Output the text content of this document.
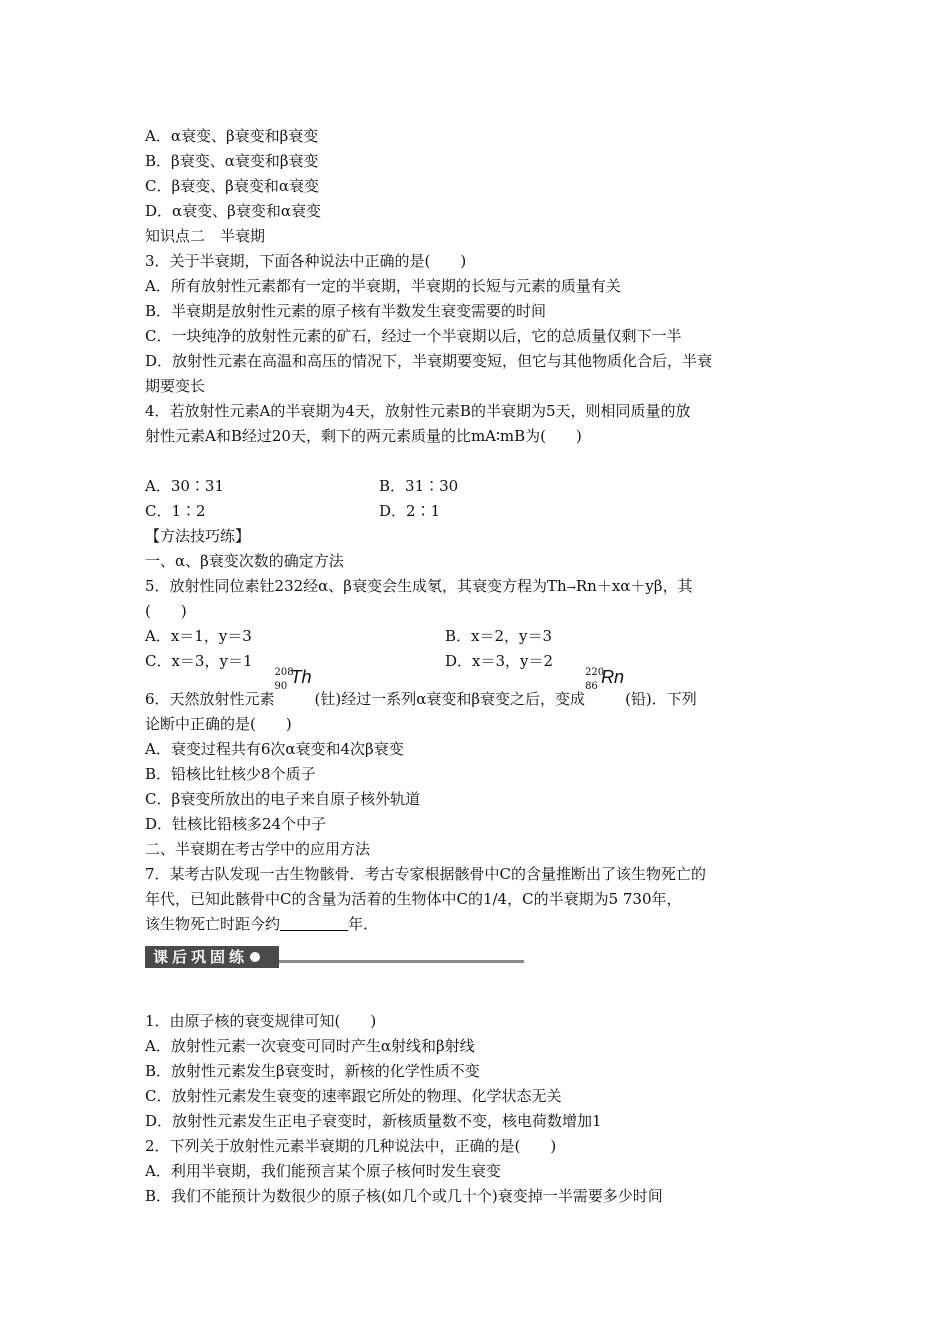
A．α衰变、β衰变和β衰变
B．β衰变、α衰变和β衰变
C．β衰变、β衰变和α衰变
D．α衰变、β衰变和α衰变
知识点二　半衰期
3．关于半衰期，下面各种说法中正确的是(　　)
A．所有放射性元素都有一定的半衰期，半衰期的长短与元素的质量有关
B．半衰期是放射性元素的原子核有半数发生衰变需要的时间
C．一块纯净的放射性元素的矿石，经过一个半衰期以后，它的总质量仅剩下一半
D．放射性元素在高温和高压的情况下，半衰期要变短，但它与其他物质化合后，半衰
期要变长
4．若放射性元素A的半衰期为4天，放射性元素B的半衰期为5天，则相同质量的放
射性元素A和B经过20天，剩下的两元素质量的比mA∶mB为(　　)
A．30∶31	B．31∶30
C．1∶2	D．2∶1
【方法技巧练】
一、α、β衰变次数的确定方法
5．放射性同位素钍232经α、β衰变会生成氡，其衰变方程为Th→Rn＋xα＋yβ，其
(　　)
A．x＝1，y＝3	B．x＝2，y＝3
C．x＝3，y＝1	D．x＝3，y＝2
6．天然放射性元素
208
90 Th
(钍)经过一系列α衰变和β衰变之后，变成
220
86 Rn
(铅)．下列
论断中正确的是(　　)
A．衰变过程共有6次α衰变和4次β衰变
B．铅核比钍核少8个质子
C．β衰变所放出的电子来自原子核外轨道
D．钍核比铅核多24个中子
二、半衰期在考古学中的应用方法
7．某考古队发现一古生物骸骨．考古专家根据骸骨中C的含量推断出了该生物死亡的
年代，已知此骸骨中C的含量为活着的生物体中C的1/4，C的半衰期为5 730年，
该生物死亡时距今约	年．
课后巩固练
1．由原子核的衰变规律可知(　　)
A．放射性元素一次衰变可同时产生α射线和β射线
B．放射性元素发生β衰变时，新核的化学性质不变
C．放射性元素发生衰变的速率跟它所处的物理、化学状态无关
D．放射性元素发生正电子衰变时，新核质量数不变，核电荷数增加1
2．下列关于放射性元素半衰期的几种说法中，正确的是(　　)
A．利用半衰期，我们能预言某个原子核何时发生衰变
B．我们不能预计为数很少的原子核(如几个或几十个)衰变掉一半需要多少时间
